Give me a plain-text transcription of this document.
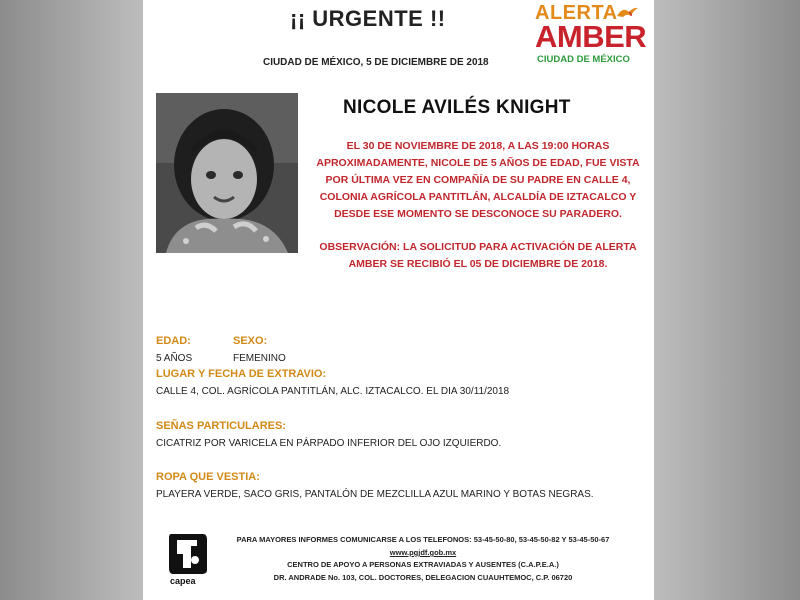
¡¡ URGENTE !!

CIUDAD DE MÉXICO, 5 DE DICIEMBRE DE 2018

ALERTA
AMBER
CIUDAD DE MÉXICO

NICOLE AVILÉS KNIGHT

EL 30 DE NOVIEMBRE DE 2018, A LAS 19:00 HORAS APROXIMADAMENTE, NICOLE DE 5 AÑOS DE EDAD, FUE VISTA POR ÚLTIMA VEZ EN COMPAÑÍA DE SU PADRE EN CALLE 4, COLONIA AGRÍCOLA PANTITLÁN, ALCALDÍA DE IZTACALCO Y DESDE ESE MOMENTO SE DESCONOCE SU PARADERO.

OBSERVACIÓN: LA SOLICITUD PARA ACTIVACIÓN DE ALERTA AMBER SE RECIBIÓ EL 05 DE DICIEMBRE DE 2018.

EDAD:	SEXO:

5 AÑOS	FEMENINO

LUGAR Y FECHA DE EXTRAVIO:

CALLE 4, COL. AGRÍCOLA PANTITLÁN, ALC. IZTACALCO. EL DIA 30/11/2018

SEÑAS PARTICULARES:

CICATRIZ POR VARICELA EN PÁRPADO INFERIOR DEL OJO IZQUIERDO.

ROPA QUE VESTIA:

PLAYERA VERDE, SACO GRIS, PANTALÓN DE MEZCLILLA AZUL MARINO Y BOTAS NEGRAS.

capea

PARA MAYORES INFORMES COMUNICARSE A LOS TELEFONOS: 53-45-50-80, 53-45-50-82 Y 53-45-50-67

www.pgjdf.gob.mx

CENTRO DE APOYO A PERSONAS EXTRAVIADAS Y AUSENTES (C.A.P.E.A.)

DR. ANDRADE No. 103, COL. DOCTORES, DELEGACION CUAUHTEMOC, C.P. 06720
